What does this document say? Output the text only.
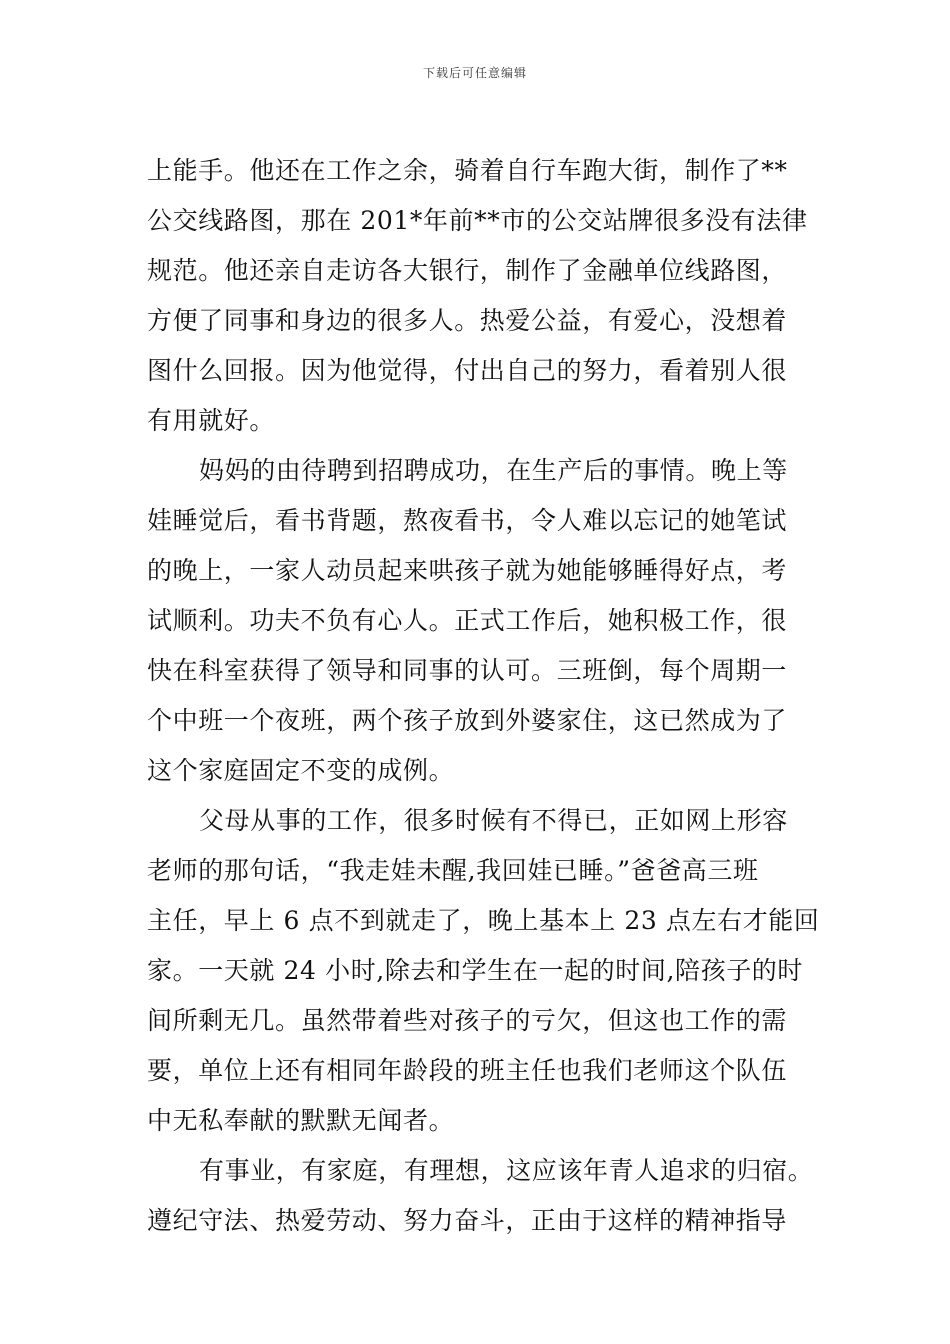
下载后可任意编辑
上能手。他还在工作之余，骑着自行车跑大街，制作了**
公交线路图，那在 201*年前**市的公交站牌很多没有法律
规范。他还亲自走访各大银行，制作了金融单位线路图，
方便了同事和身边的很多人。热爱公益，有爱心，没想着
图什么回报。因为他觉得，付出自己的努力，看着别人很
有用就好。
妈妈的由待聘到招聘成功，在生产后的事情。晚上等
娃睡觉后，看书背题，熬夜看书，令人难以忘记的她笔试
的晚上，一家人动员起来哄孩子就为她能够睡得好点，考
试顺利。功夫不负有心人。正式工作后，她积极工作，很
快在科室获得了领导和同事的认可。三班倒，每个周期一
个中班一个夜班，两个孩子放到外婆家住，这已然成为了
这个家庭固定不变的成例。
父母从事的工作，很多时候有不得已，正如网上形容
老师的那句话，“我走娃未醒,我回娃已睡。”爸爸高三班
主任，早上 6 点不到就走了，晚上基本上 23 点左右才能回
家。一天就 24 小时,除去和学生在一起的时间,陪孩子的时
间所剩无几。虽然带着些对孩子的亏欠，但这也工作的需
要，单位上还有相同年龄段的班主任也我们老师这个队伍
中无私奉献的默默无闻者。
有事业，有家庭，有理想，这应该年青人追求的归宿。
遵纪守法、热爱劳动、努力奋斗，正由于这样的精神指导
